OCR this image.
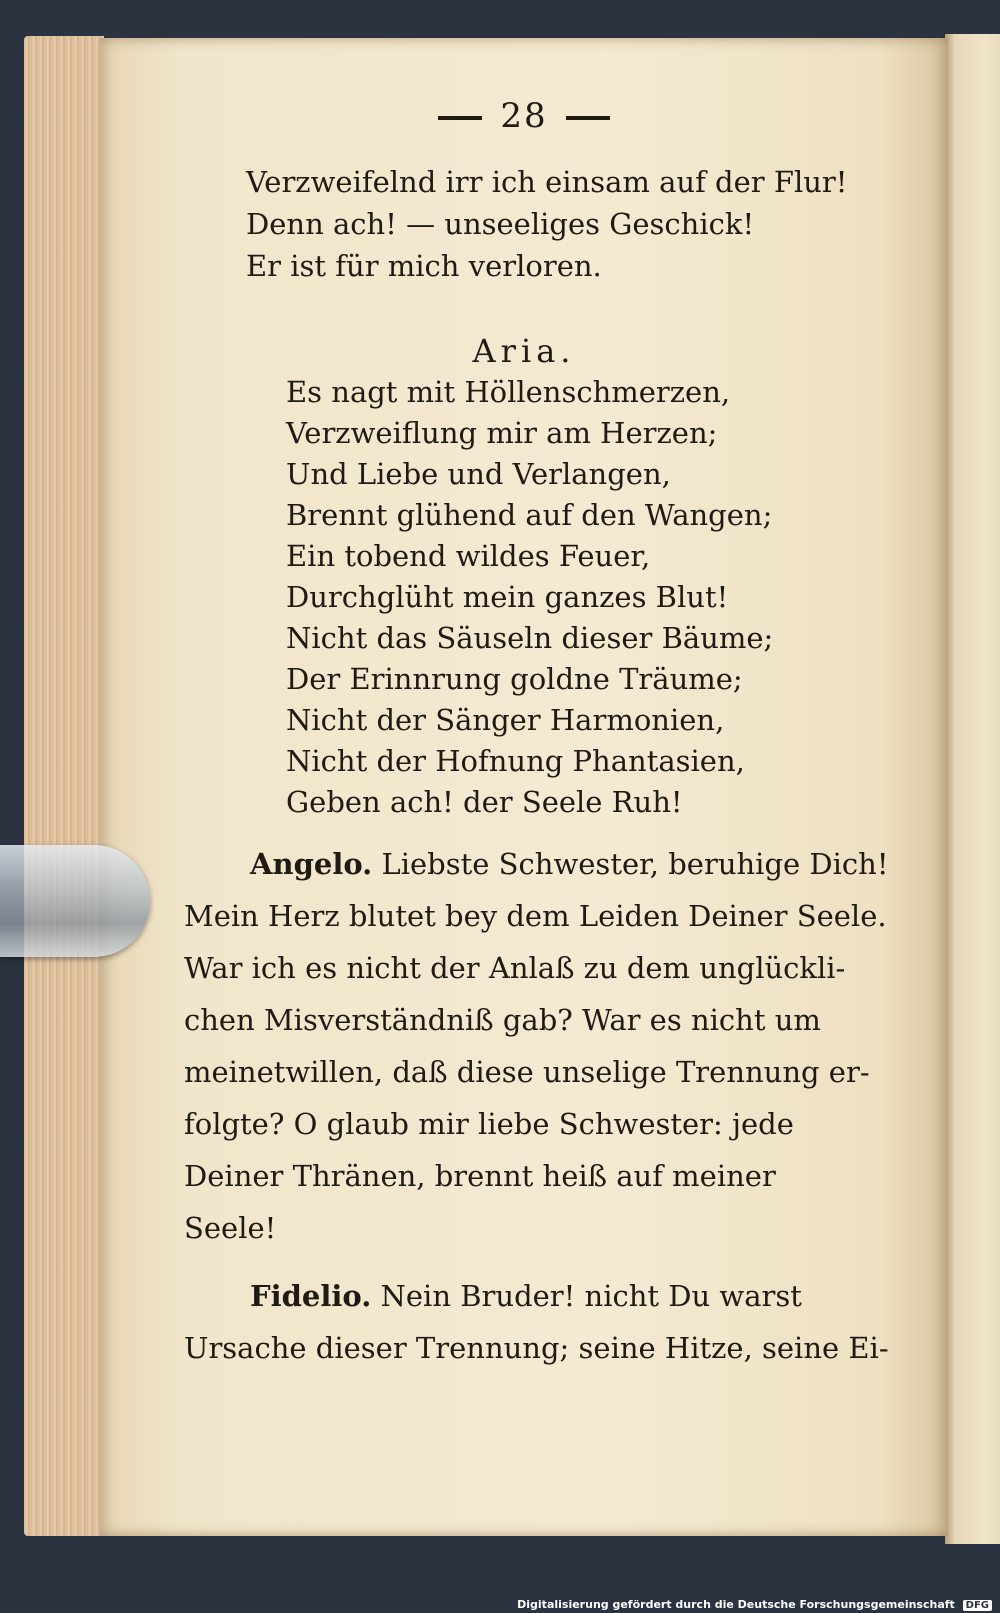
28
Verzweifelnd irr ich einsam auf der Flur!
Denn ach! — unseeliges Geschick!
Er ist für mich verloren.
Aria.
Es nagt mit Höllenschmerzen,
Verzweiflung mir am Herzen;
Und Liebe und Verlangen,
Brennt glühend auf den Wangen;
Ein tobend wildes Feuer,
Durchglüht mein ganzes Blut!
Nicht das Säuseln dieser Bäume;
Der Erinnrung goldne Träume;
Nicht der Sänger Harmonien,
Nicht der Hofnung Phantasien,
Geben ach! der Seele Ruh!
Angelo. Liebste Schwester, beruhige Dich!
Mein Herz blutet bey dem Leiden Deiner Seele.
War ich es nicht der Anlaß zu dem unglückli-
chen Misverständniß gab? War es nicht um
meinetwillen, daß diese unselige Trennung er-
folgte? O glaub mir liebe Schwester: jede
Deiner Thränen, brennt heiß auf meiner
Seele!
Fidelio. Nein Bruder! nicht Du warst
Ursache dieser Trennung; seine Hitze, seine Ei-
Digitalisierung gefördert durch die Deutsche Forschungsgemeinschaft DFG
